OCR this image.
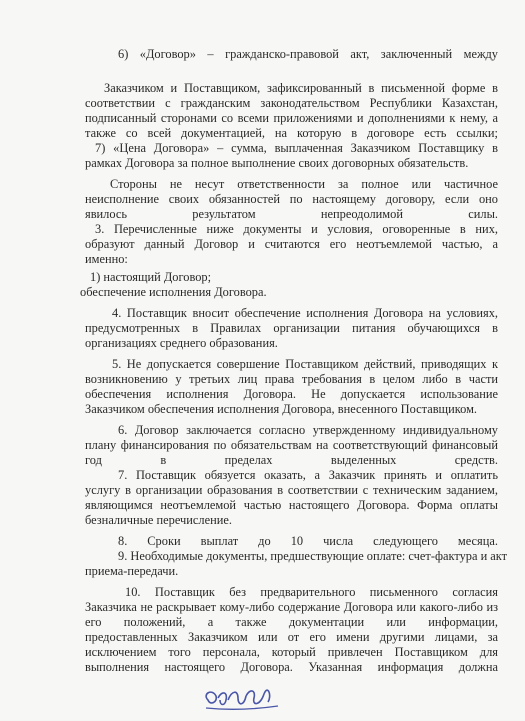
6) «Договор» – гражданско-правовой акт, заключенный между
Заказчиком и Поставщиком, зафиксированный в письменной форме в
соответствии с гражданским законодательством Республики Казахстан,
подписанный сторонами со всеми приложениями и дополнениями к нему, а
также со всей документацией, на которую в договоре есть ссылки;
7) «Цена Договора» – сумма, выплаченная Заказчиком Поставщику в
рамках Договора за полное выполнение своих договорных обязательств.
Стороны не несут ответственности за полное или частичное
неисполнение своих обязанностей по настоящему договору, если оно
явилось результатом непреодолимой силы.
3. Перечисленные ниже документы и условия, оговоренные в них,
образуют данный Договор и считаются его неотъемлемой частью, а
именно:
1) настоящий Договор;
обеспечение исполнения Договора.
4. Поставщик вносит обеспечение исполнения Договора на условиях,
предусмотренных в Правилах организации питания обучающихся в
организациях среднего образования.
5. Не допускается совершение Поставщиком действий, приводящих к
возникновению у третьих лиц права требования в целом либо в части
обеспечения исполнения Договора. Не допускается использование
Заказчиком обеспечения исполнения Договора, внесенного Поставщиком.
6. Договор заключается согласно утвержденному индивидуальному
плану финансирования по обязательствам на соответствующий финансовый
год в пределах выделенных средств.
7. Поставщик обязуется оказать, а Заказчик принять и оплатить
услугу в организации образования в соответствии с техническим заданием,
являющимся неотъемлемой частью настоящего Договора. Форма оплаты
безналичные перечисление.
8. Сроки выплат до 10 числа следующего месяца.
9. Необходимые документы, предшествующие оплате: счет-фактура и акт
приема-передачи.
10. Поставщик без предварительного письменного согласия
Заказчика не раскрывает кому-либо содержание Договора или какого-либо из
его положений, а также документации или информации,
предоставленных Заказчиком или от его имени другими лицами, за
исключением того персонала, который привлечен Поставщиком для
выполнения настоящего Договора. Указанная информация должна
